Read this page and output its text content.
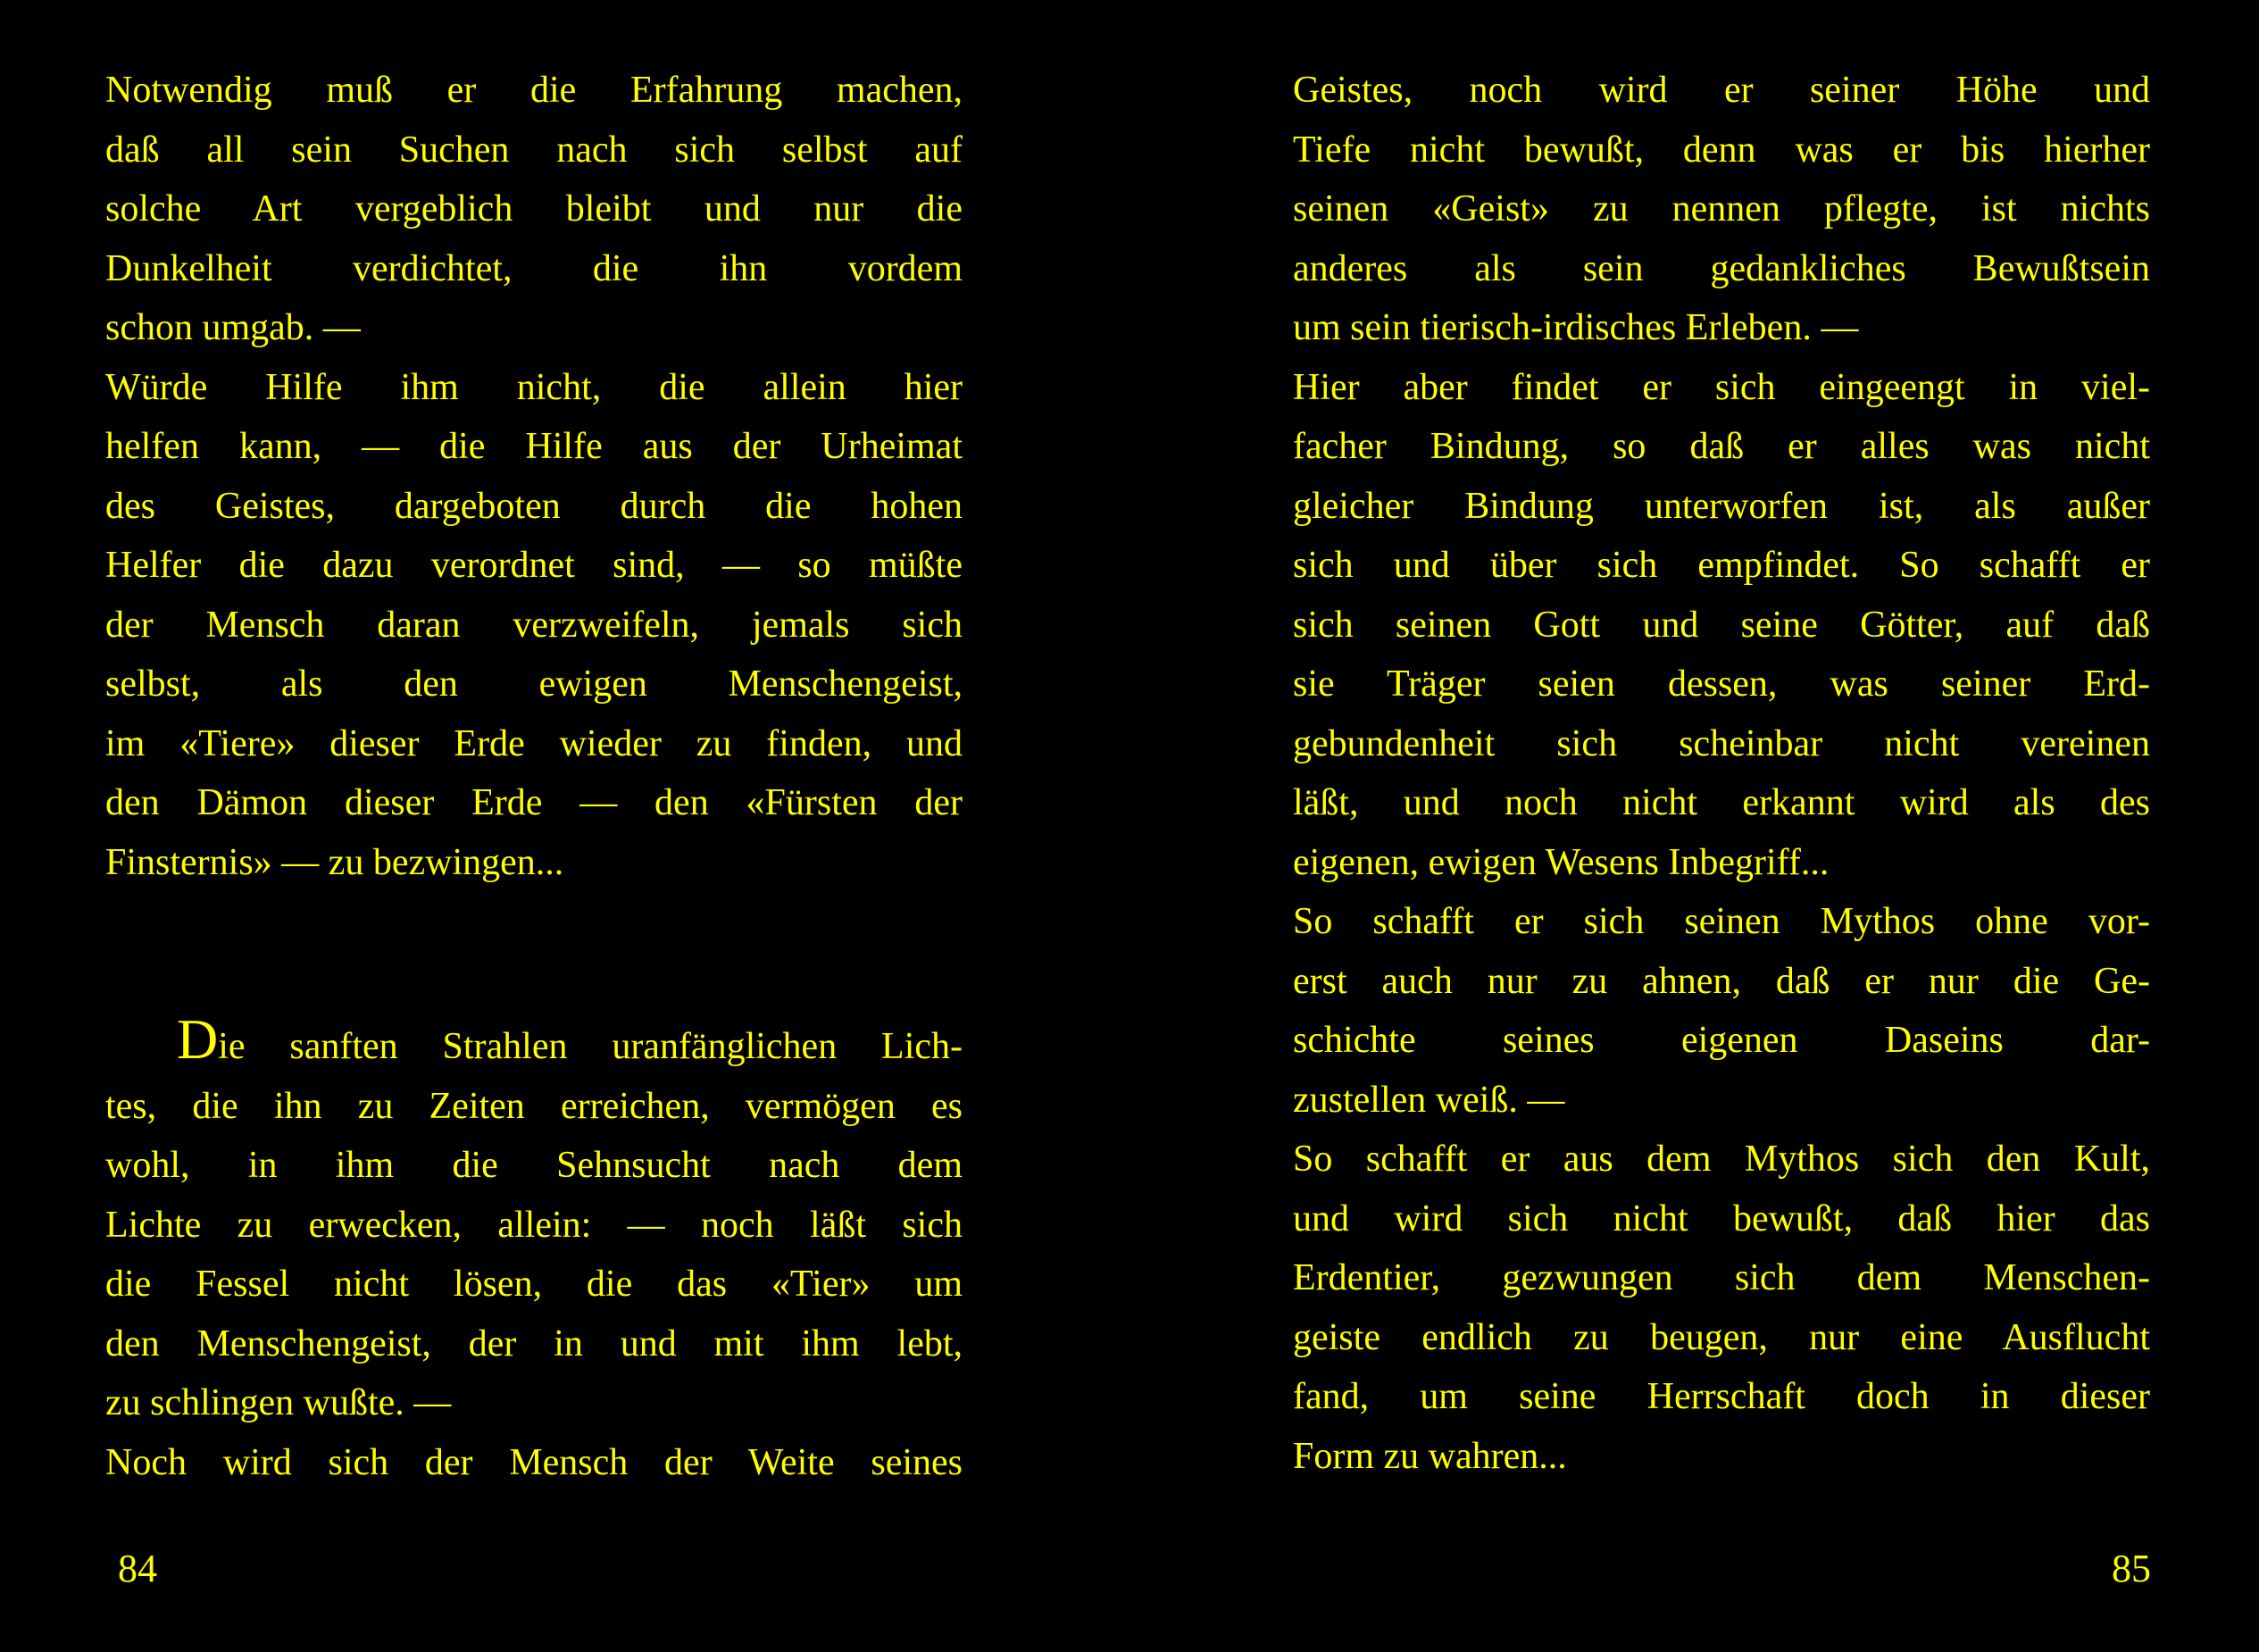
Notwendig muß er die Erfahrung machen,
daß all sein Suchen nach sich selbst auf
solche Art vergeblich bleibt und nur die
Dunkelheit verdichtet, die ihn vordem
schon umgab. —

Würde Hilfe ihm nicht, die allein hier
helfen kann, — die Hilfe aus der Urheimat
des Geistes, dargeboten durch die hohen
Helfer die dazu verordnet sind, — so müßte
der Mensch daran verzweifeln, jemals sich
selbst, als den ewigen Menschengeist,
im «Tiere» dieser Erde wieder zu finden, und
den Dämon dieser Erde — den «Fürsten der
Finsternis» — zu bezwingen...

Die sanften Strahlen uranfänglichen Lich-
tes, die ihn zu Zeiten erreichen, vermögen es
wohl, in ihm die Sehnsucht nach dem
Lichte zu erwecken, allein: — noch läßt sich
die Fessel nicht lösen, die das «Tier» um
den Menschengeist, der in und mit ihm lebt,
zu schlingen wußte. —

Noch wird sich der Mensch der Weite seines

84

Geistes, noch wird er seiner Höhe und
Tiefe nicht bewußt, denn was er bis hierher
seinen «Geist» zu nennen pflegte, ist nichts
anderes als sein gedankliches Bewußtsein
um sein tierisch-irdisches Erleben. —

Hier aber findet er sich eingeengt in viel-
facher Bindung, so daß er alles was nicht
gleicher Bindung unterworfen ist, als außer
sich und über sich empfindet. So schafft er
sich seinen Gott und seine Götter, auf daß
sie Träger seien dessen, was seiner Erd-
gebundenheit sich scheinbar nicht vereinen
läßt, und noch nicht erkannt wird als des
eigenen, ewigen Wesens Inbegriff...

So schafft er sich seinen Mythos ohne vor-
erst auch nur zu ahnen, daß er nur die Ge-
schichte seines eigenen Daseins dar-
zustellen weiß. —

So schafft er aus dem Mythos sich den Kult,
und wird sich nicht bewußt, daß hier das
Erdentier, gezwungen sich dem Menschen-
geiste endlich zu beugen, nur eine Ausflucht
fand, um seine Herrschaft doch in dieser
Form zu wahren...

85
